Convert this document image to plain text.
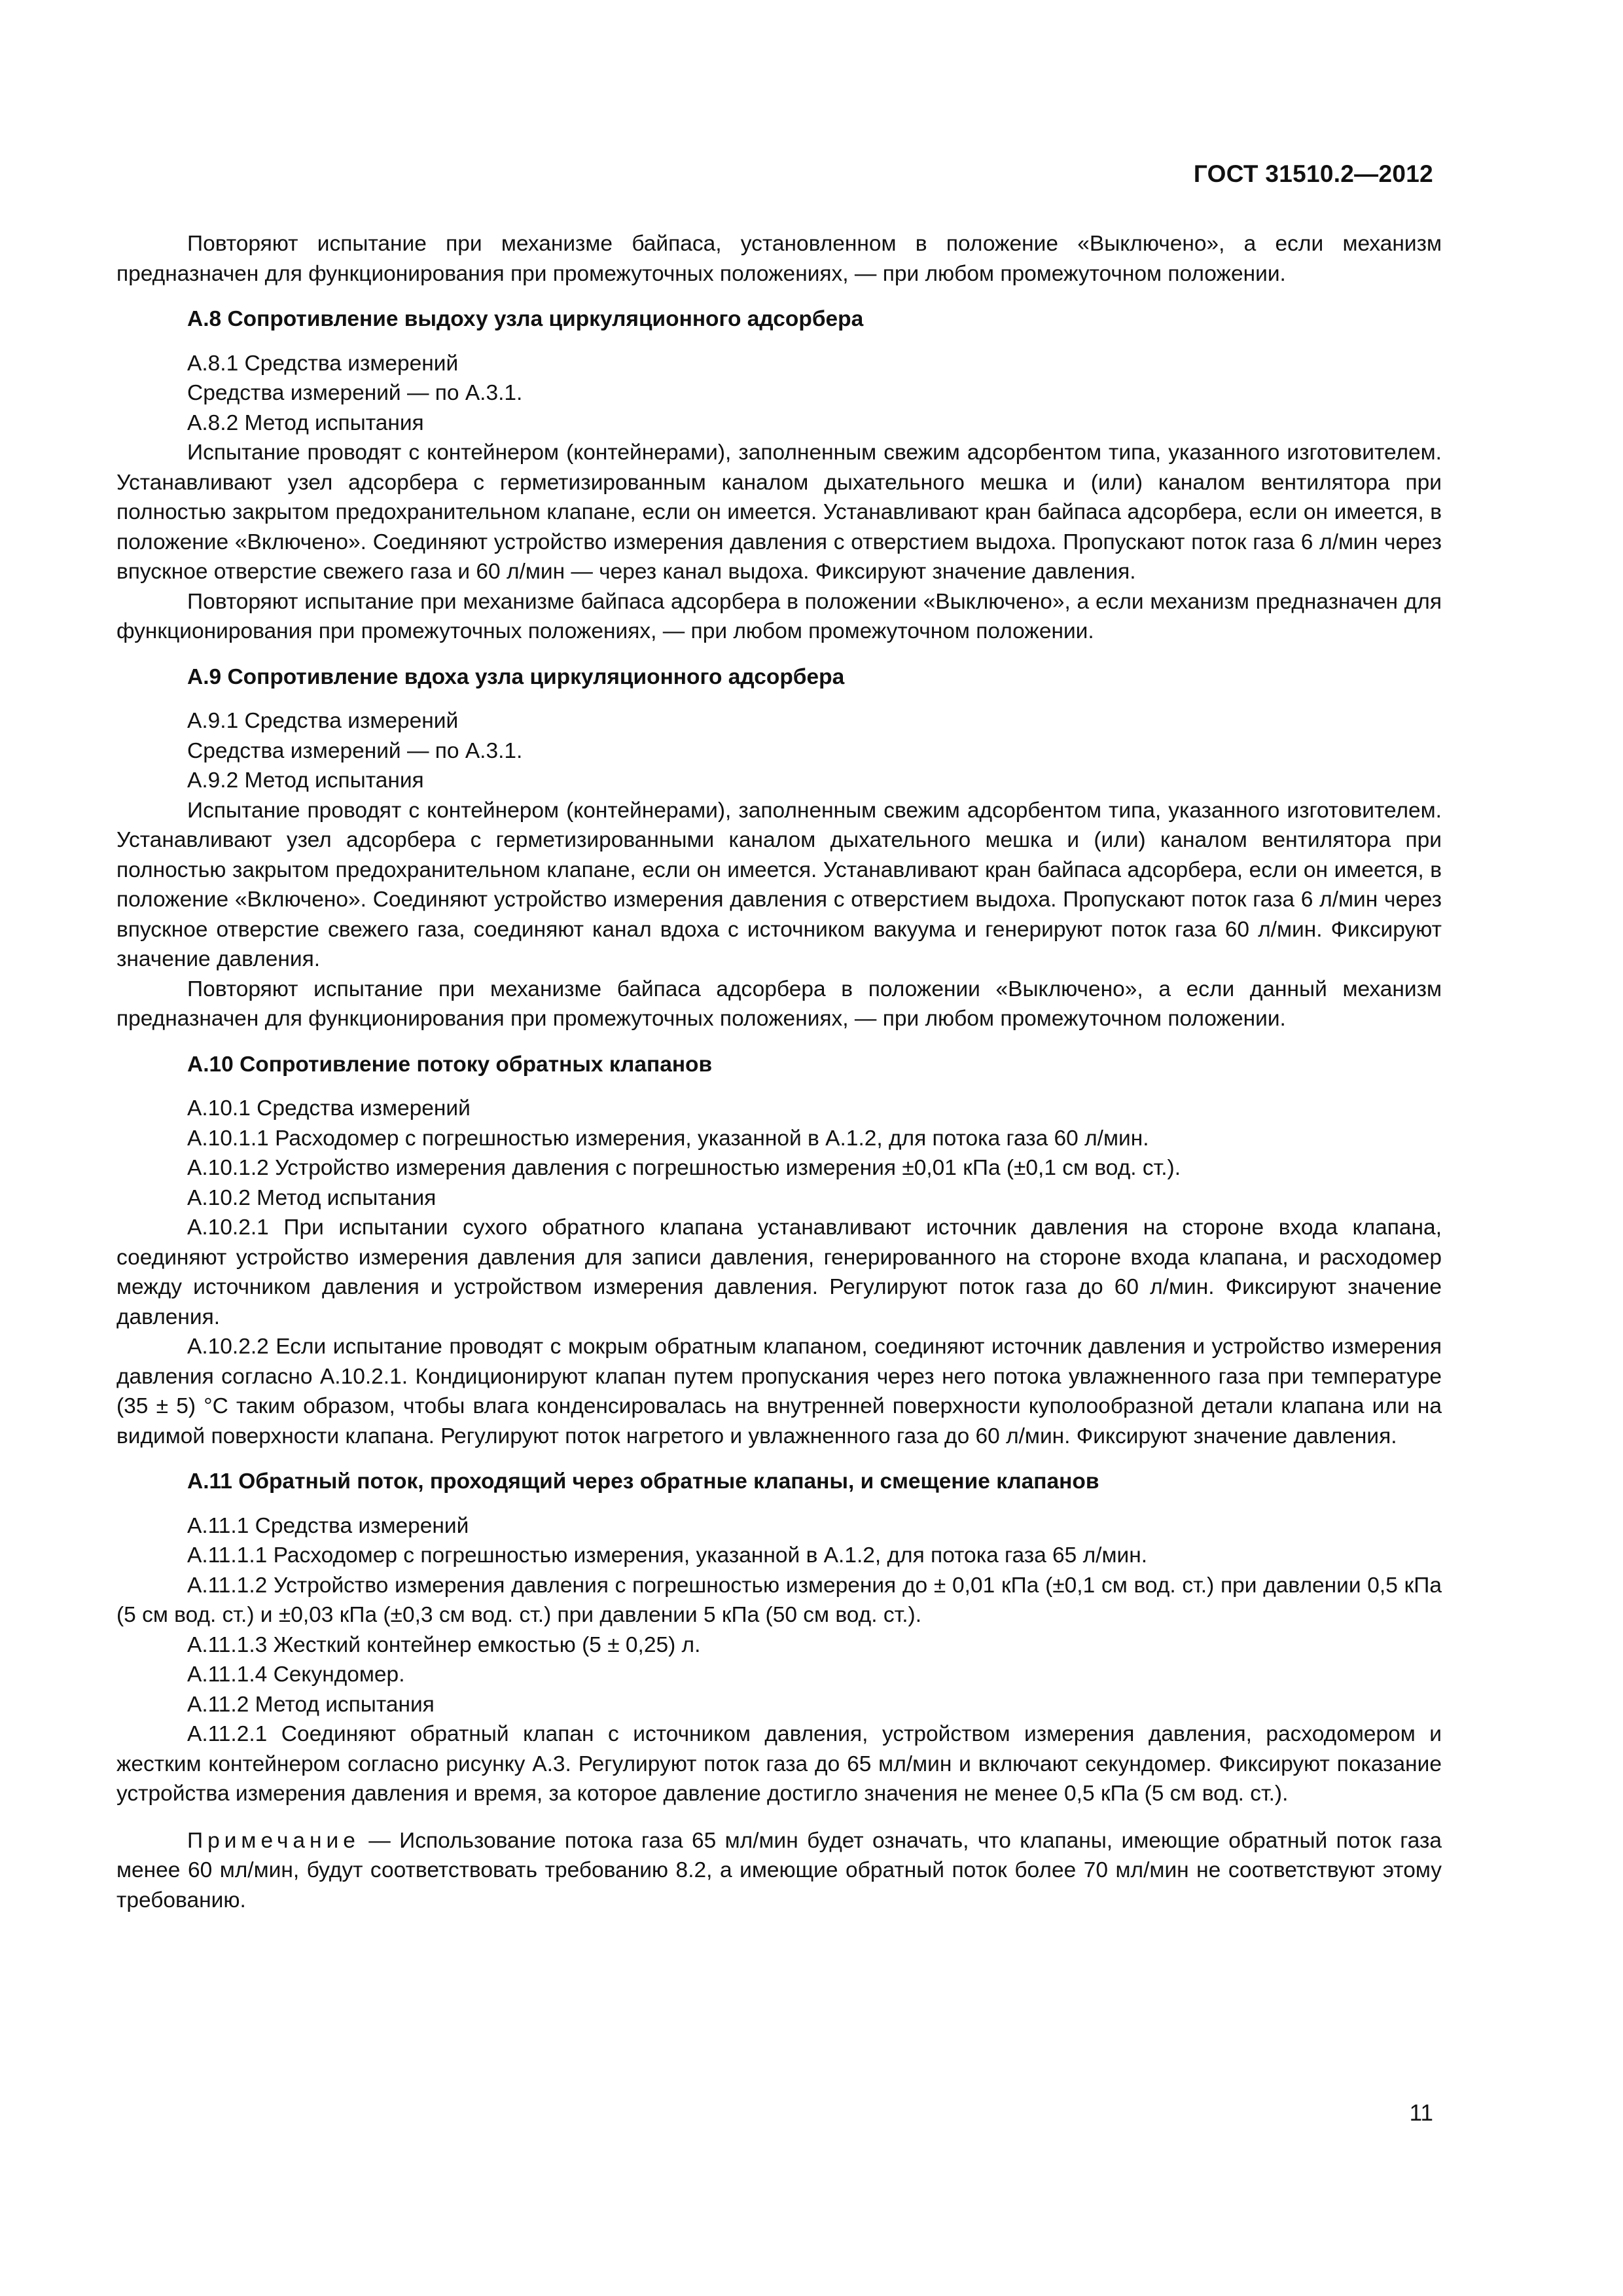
ГОСТ 31510.2—2012

Повторяют испытание при механизме байпаса, установленном в положение «Выключено», а если механизм предназначен для функционирования при промежуточных положениях, — при любом промежуточном положении.

А.8 Сопротивление выдоху узла циркуляционного адсорбера

А.8.1 Средства измерений

Средства измерений — по А.3.1.

А.8.2 Метод испытания

Испытание проводят с контейнером (контейнерами), заполненным свежим адсорбентом типа, указанного изготовителем. Устанавливают узел адсорбера с герметизированным каналом дыхательного мешка и (или) каналом вентилятора при полностью закрытом предохранительном клапане, если он имеется. Устанавливают кран байпаса адсорбера, если он имеется, в положение «Включено». Соединяют устройство измерения давления с отверстием выдоха. Пропускают поток газа 6 л/мин через впускное отверстие свежего газа и 60 л/мин — через канал выдоха. Фиксируют значение давления.

Повторяют испытание при механизме байпаса адсорбера в положении «Выключено», а если механизм предназначен для функционирования при промежуточных положениях, — при любом промежуточном положении.

А.9 Сопротивление вдоха узла циркуляционного адсорбера

А.9.1 Средства измерений

Средства измерений — по А.3.1.

А.9.2 Метод испытания

Испытание проводят с контейнером (контейнерами), заполненным свежим адсорбентом типа, указанного изготовителем. Устанавливают узел адсорбера с герметизированными каналом дыхательного мешка и (или) каналом вентилятора при полностью закрытом предохранительном клапане, если он имеется. Устанавливают кран байпаса адсорбера, если он имеется, в положение «Включено». Соединяют устройство измерения давления с отверстием выдоха. Пропускают поток газа 6 л/мин через впускное отверстие свежего газа, соединяют канал вдоха с источником вакуума и генерируют поток газа 60 л/мин. Фиксируют значение давления.

Повторяют испытание при механизме байпаса адсорбера в положении «Выключено», а если данный механизм предназначен для функционирования при промежуточных положениях, — при любом промежуточном положении.

А.10 Сопротивление потоку обратных клапанов

А.10.1 Средства измерений

А.10.1.1 Расходомер с погрешностью измерения, указанной в А.1.2, для потока газа 60 л/мин.

А.10.1.2 Устройство измерения давления с погрешностью измерения ±0,01 кПа (±0,1 см вод. ст.).

А.10.2 Метод испытания

А.10.2.1 При испытании сухого обратного клапана устанавливают источник давления на стороне входа клапана, соединяют устройство измерения давления для записи давления, генерированного на стороне входа клапана, и расходомер между источником давления и устройством измерения давления. Регулируют поток газа до 60 л/мин. Фиксируют значение давления.

А.10.2.2 Если испытание проводят с мокрым обратным клапаном, соединяют источник давления и устройство измерения давления согласно А.10.2.1. Кондиционируют клапан путем пропускания через него потока увлажненного газа при температуре (35 ± 5) °С таким образом, чтобы влага конденсировалась на внутренней поверхности куполообразной детали клапана или на видимой поверхности клапана. Регулируют поток нагретого и увлажненного газа до 60 л/мин. Фиксируют значение давления.

А.11 Обратный поток, проходящий через обратные клапаны, и смещение клапанов

А.11.1 Средства измерений

А.11.1.1 Расходомер с погрешностью измерения, указанной в А.1.2, для потока газа 65 л/мин.

А.11.1.2 Устройство измерения давления с погрешностью измерения до ± 0,01 кПа (±0,1 см вод. ст.) при давлении 0,5 кПа (5 см вод. ст.) и ±0,03 кПа (±0,3 см вод. ст.) при давлении 5 кПа (50 см вод. ст.).

А.11.1.3 Жесткий контейнер емкостью (5 ± 0,25) л.

А.11.1.4 Секундомер.

А.11.2 Метод испытания

А.11.2.1 Соединяют обратный клапан с источником давления, устройством измерения давления, расходомером и жестким контейнером согласно рисунку А.3. Регулируют поток газа до 65 мл/мин и включают секундомер. Фиксируют показание устройства измерения давления и время, за которое давление достигло значения не менее 0,5 кПа (5 см вод. ст.).

Примечание — Использование потока газа 65 мл/мин будет означать, что клапаны, имеющие обратный поток газа менее 60 мл/мин, будут соответствовать требованию 8.2, а имеющие обратный поток более 70 мл/мин не соответствуют этому требованию.

11
